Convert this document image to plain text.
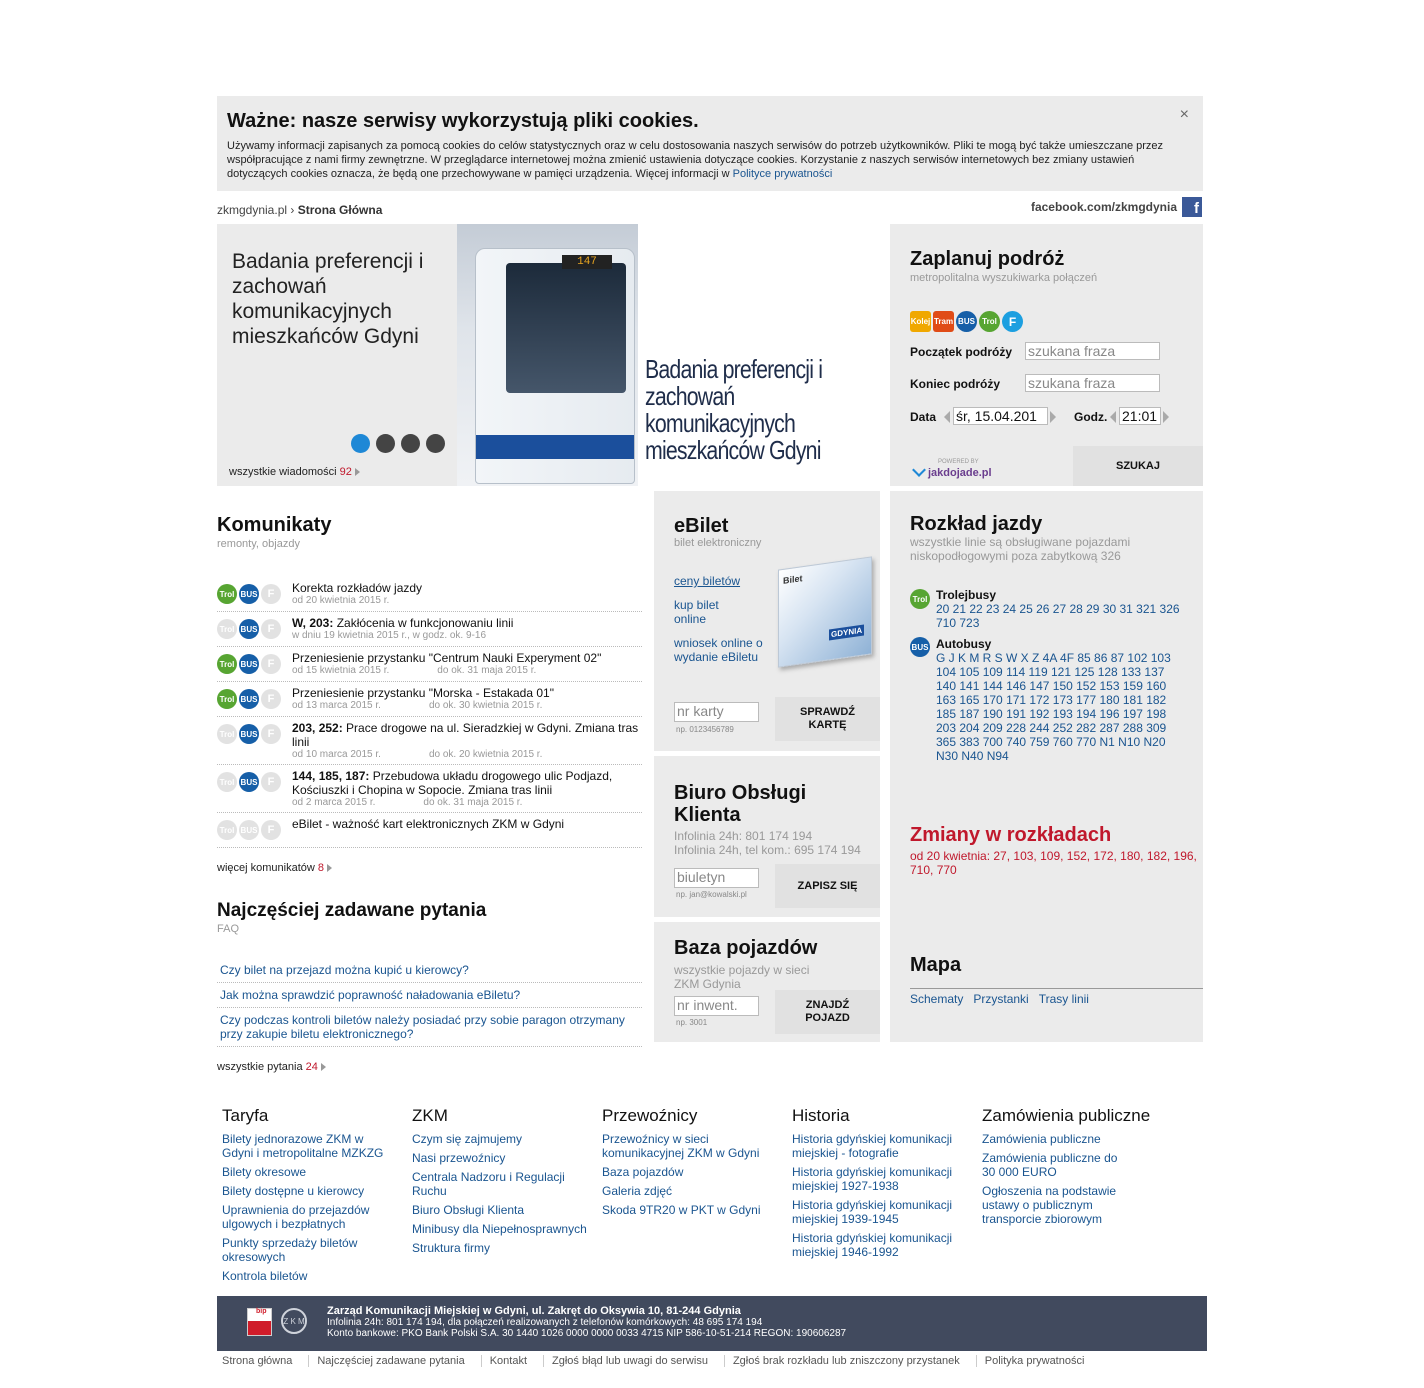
Ważne: nasze serwisy wykorzystują pliki cookies.

Używamy informacji zapisanych za pomocą cookies do celów statystycznych oraz w celu dostosowania naszych serwisów do potrzeb użytkowników. Pliki te mogą być także umieszczane przez współpracujące z nami firmy zewnętrzne. W przeglądarce internetowej można zmienić ustawienia dotyczące cookies. Korzystanie z naszych serwisów internetowych bez zmiany ustawień dotyczących cookies oznacza, że będą one przechowywane w pamięci urządzenia. Więcej informacji w Polityce prywatności

×
zkmgdynia.pl › Strona Główna	facebook.com/zkmgdynia	f
Badania preferencji i zachowań komunikacyjnych mieszkańców Gdyni
wszystkie wiadomości 92
147
Badania preferencji i zachowań komunikacyjnych mieszkańców Gdyni
Zaplanuj podróż
metropolitalna wyszukiwarka połączeń
Kolej Tram BUS Trol	F
Początek podróży szukana fraza
Koniec podróży szukana fraza
Data śr, 15.04.201	Godz. 21:01
POWERED BY
jakdojade.pl
SZUKAJ
Komunikaty
remonty, objazdy
Trol BUS F	Korekta rozkładów jazdy
od 20 kwietnia 2015 r.
Trol BUS F	W, 203: Zakłócenia w funkcjonowaniu linii
w dniu 19 kwietnia 2015 r., w godz. ok. 9-16
Trol BUS F	Przeniesienie przystanku "Centrum Nauki Experyment 02"
od 15 kwietnia 2015 r.	do ok. 31 maja 2015 r.
Trol BUS F	Przeniesienie przystanku "Morska - Estakada 01"
od 13 marca 2015 r.	do ok. 30 kwietnia 2015 r.
Trol BUS F	203, 252: Prace drogowe na ul. Sieradzkiej w Gdyni. Zmiana tras linii
od 10 marca 2015 r.	do ok. 20 kwietnia 2015 r.
Trol BUS F	144, 185, 187: Przebudowa układu drogowego ulic Podjazd, Kościuszki i Chopina w Sopocie. Zmiana tras linii
od 2 marca 2015 r.	do ok. 31 maja 2015 r.
Trol BUS F	eBilet - ważność kart elektronicznych ZKM w Gdyni
więcej komunikatów 8
Najczęściej zadawane pytania
FAQ
Czy bilet na przejazd można kupić u kierowcy?
Jak można sprawdzić poprawność naładowania eBiletu?
Czy podczas kontroli biletów należy posiadać przy sobie paragon otrzymany przy zakupie biletu elektronicznego?
wszystkie pytania 24
eBilet
bilet elektroniczny
ceny biletów
kup bilet online
wniosek online o wydanie eBiletu
Bilet
GDYNIA
nr karty
np. 0123456789
SPRAWDŹ KARTĘ
Biuro Obsługi Klienta
Infolinia 24h: 801 174 194
Infolinia 24h, tel kom.: 695 174 194
biuletyn
np. jan@kowalski.pl
ZAPISZ SIĘ
Baza pojazdów
wszystkie pojazdy w sieci ZKM Gdynia
nr inwent.
np. 3001
ZNAJDŹ POJAZD
Rozkład jazdy
wszystkie linie są obsługiwane pojazdami niskopodłogowymi poza zabytkową 326
Trol Trolejbusy
20 21 22 23 24 25 26 27 28 29 30 31 321 326 710 723
BUS Autobusy
G J K M R S W X Z 4A 4F 85 86 87 102 103 104 105 109 114 119 121 125 128 133 137 140 141 144 146 147 150 152 153 159 160 163 165 170 171 172 173 177 180 181 182 185 187 190 191 192 193 194 196 197 198 203 204 209 228 244 252 282 287 288 309 365 383 700 740 759 760 770 N1 N10 N20 N30 N40 N94
Zmiany w rozkładach
od 20 kwietnia: 27, 103, 109, 152, 172, 180, 182, 196, 710, 770
Mapa
Schematy Przystanki Trasy linii
Taryfa
Bilety jednorazowe ZKM w Gdyni i metropolitalne MZKZG
Bilety okresowe
Bilety dostępne u kierowcy
Uprawnienia do przejazdów ulgowych i bezpłatnych
Punkty sprzedaży biletów okresowych
Kontrola biletów
ZKM
Czym się zajmujemy
Nasi przewoźnicy
Centrala Nadzoru i Regulacji Ruchu
Biuro Obsługi Klienta
Minibusy dla Niepełnosprawnych
Struktura firmy
Przewoźnicy
Przewoźnicy w sieci komunikacyjnej ZKM w Gdyni
Baza pojazdów
Galeria zdjęć
Skoda 9TR20 w PKT w Gdyni
Historia
Historia gdyńskiej komunikacji miejskiej - fotografie
Historia gdyńskiej komunikacji miejskiej 1927-1938
Historia gdyńskiej komunikacji miejskiej 1939-1945
Historia gdyńskiej komunikacji miejskiej 1946-1992
Zamówienia publiczne
Zamówienia publiczne
Zamówienia publiczne do 30 000 EURO
Ogłoszenia na podstawie ustawy o publicznym transporcie zbiorowym
bip
Z K M
Zarząd Komunikacji Miejskiej w Gdyni, ul. Zakręt do Oksywia 10, 81-244 Gdynia
Infolinia 24h: 801 174 194, dla połączeń realizowanych z telefonów komórkowych: 48 695 174 194
Konto bankowe: PKO Bank Polski S.A. 30 1440 1026 0000 0000 0033 4715 NIP 586-10-51-214 REGON: 190606287
Strona główna	Najczęściej zadawane pytania	Kontakt	Zgłoś błąd lub uwagi do serwisu	Zgłoś brak rozkładu lub zniszczony przystanek	Polityka prywatności
